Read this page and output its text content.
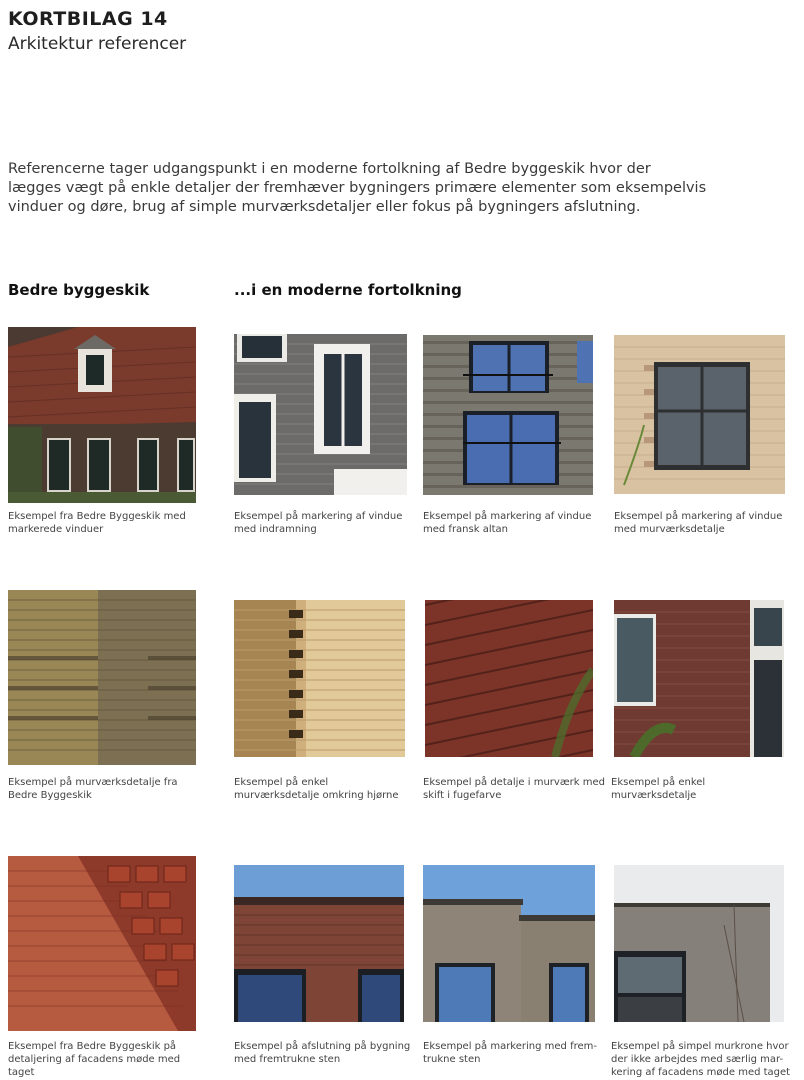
KORTBILAG 14
Arkitektur referencer
Referencerne tager udgangspunkt i en moderne fortolkning af Bedre byggeskik hvor der lægges vægt på enkle detaljer der fremhæver bygningers primære elementer som eksempelvis vinduer og døre, brug af simple murværksdetaljer eller fokus på bygningers afslutning.
Bedre byggeskik	...i en moderne fortolkning
Eksempel fra Bedre Byggeskik med
markerede vinduer
Eksempel på markering af vindue
med indramning
Eksempel på markering af vindue
med fransk altan
Eksempel på markering af vindue
med murværksdetalje
Eksempel på murværksdetalje fra
Bedre Byggeskik
Eksempel på enkel
murværksdetalje omkring hjørne
Eksempel på detalje i murværk med
skift i fugefarve
Eksempel på enkel
murværksdetalje
Eksempel fra Bedre Byggeskik på
detaljering af facadens møde med
taget
Eksempel på afslutning på bygning
med fremtrukne sten
Eksempel på markering med frem-
trukne sten
Eksempel på simpel murkrone hvor
der ikke arbejdes med særlig mar-
kering af facadens møde med taget
